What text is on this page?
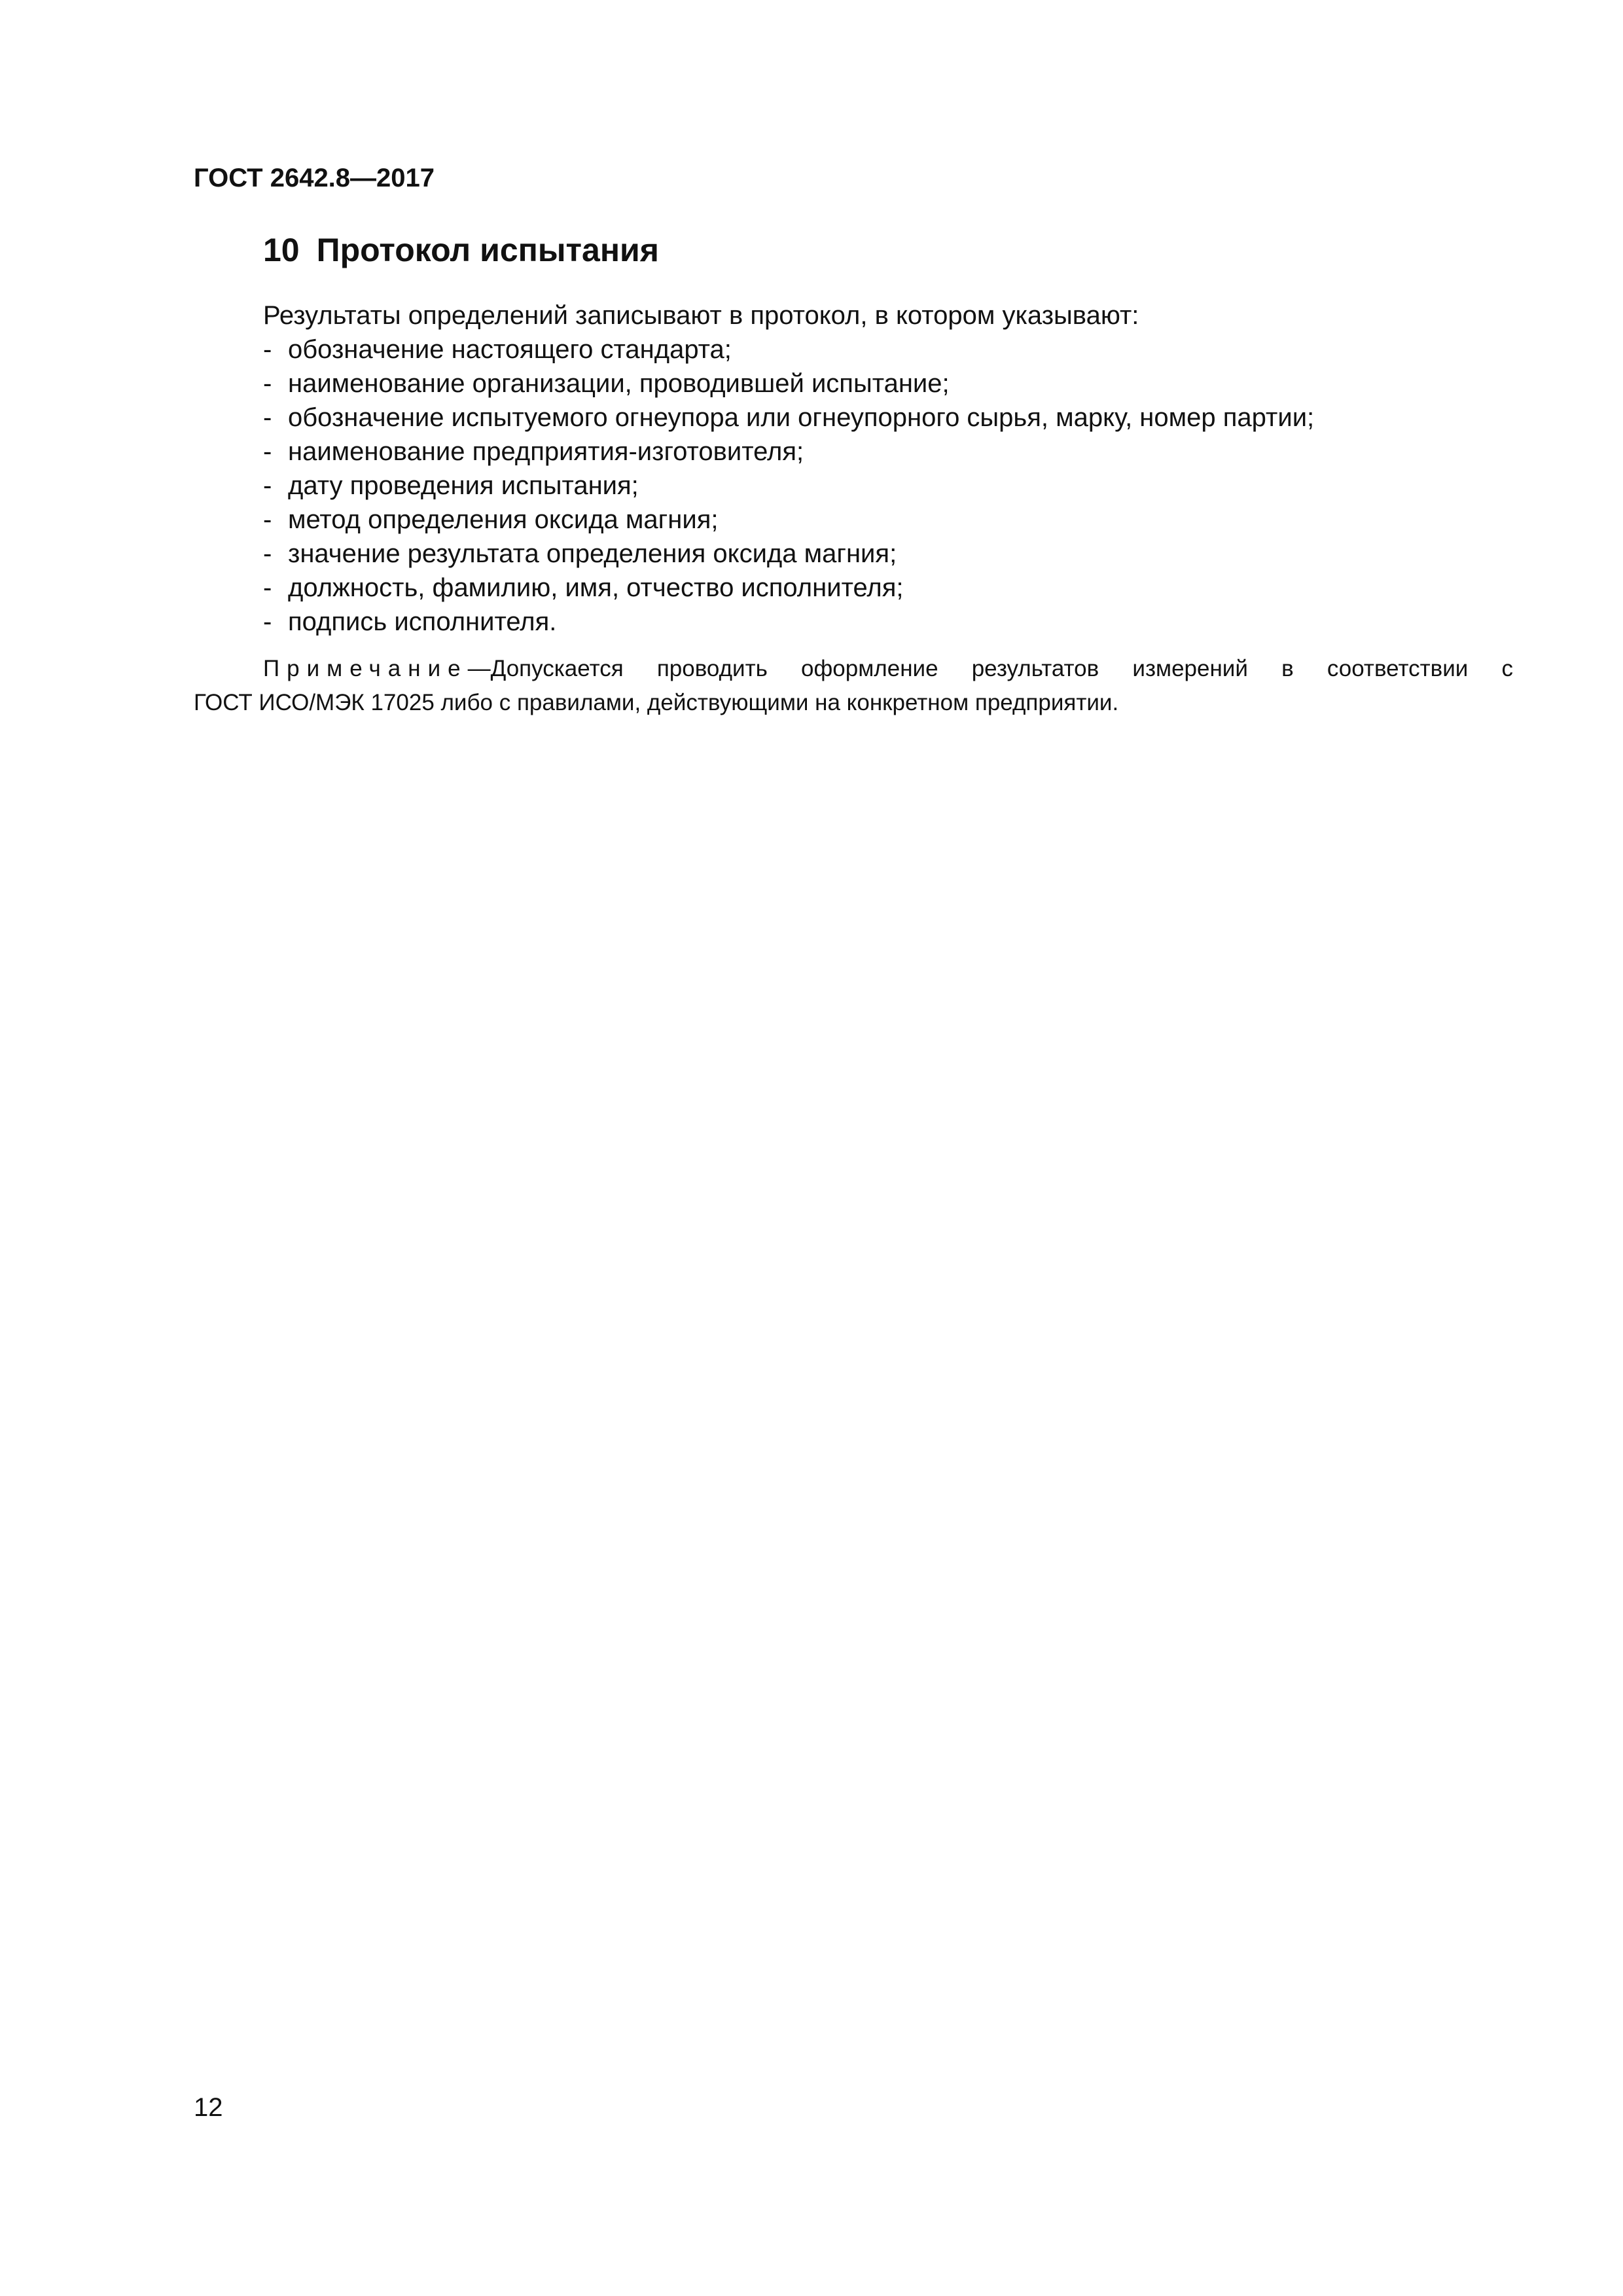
ГОСТ 2642.8—2017
10 Протокол испытания
Результаты определений записывают в протокол, в котором указывают:
- обозначение настоящего стандарта;
- наименование организации, проводившей испытание;
- обозначение испытуемого огнеупора или огнеупорного сырья, марку, номер партии;
- наименование предприятия-изготовителя;
- дату проведения испытания;
- метод определения оксида магния;
- значение результата определения оксида магния;
- должность, фамилию, имя, отчество исполнителя;
- подпись исполнителя.
Примечание—Допускается проводить оформление результатов измерений в соответствии с
ГОСТ ИСО/МЭК 17025 либо с правилами, действующими на конкретном предприятии.
12
